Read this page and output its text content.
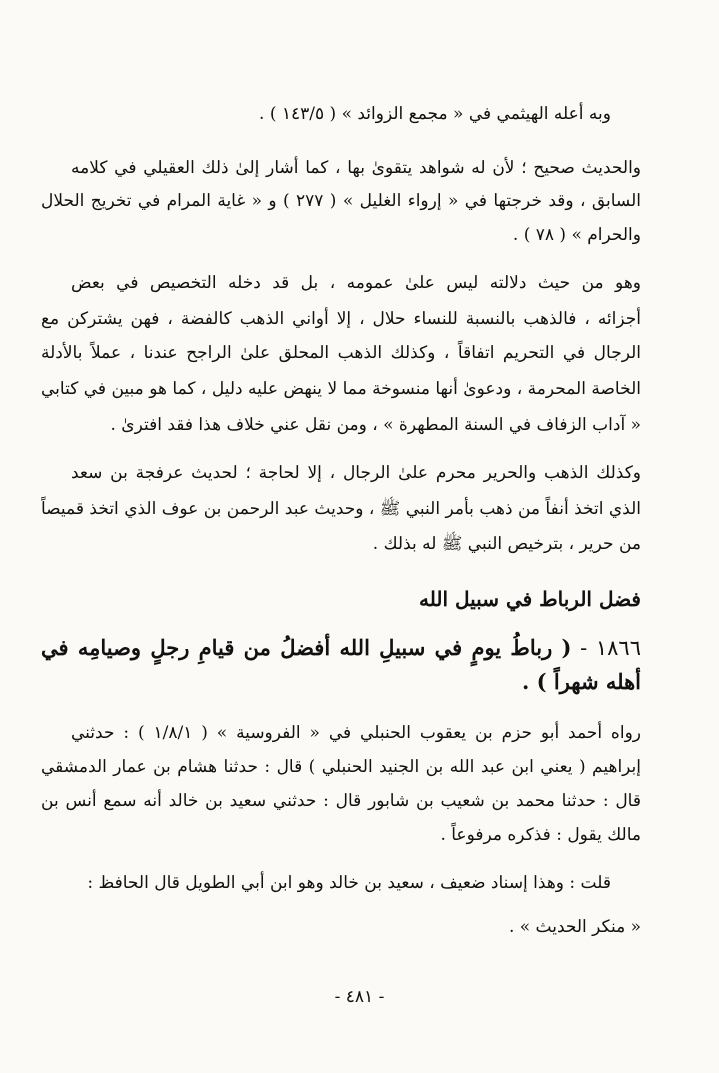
وبه أعله الهيثمي في « مجمع الزوائد » ( ١٤٣/٥ ) .
والحديث صحيح ؛ لأن له شواهد يتقوىٰ بها ، كما أشار إلىٰ ذلك العقيلي في كلامه
السابق ، وقد خرجتها في « إرواء الغليل » ( ٢٧٧ ) و « غاية المرام في تخريج الحلال
والحرام » ( ٧٨ ) .
وهو من حيث دلالته ليس علىٰ عمومه ، بل قد دخله التخصيص في بعض
أجزائه ، فالذهب بالنسبة للنساء حلال ، إلا أواني الذهب كالفضة ، فهن يشتركن مع
الرجال في التحريم اتفاقاً ، وكذلك الذهب المحلق علىٰ الراجح عندنا ، عملاً بالأدلة
الخاصة المحرمة ، ودعوىٰ أنها منسوخة مما لا ينهض عليه دليل ، كما هو مبين في كتابي
« آداب الزفاف في السنة المطهرة » ، ومن نقل عني خلاف هذا فقد افترىٰ .
وكذلك الذهب والحرير محرم علىٰ الرجال ، إلا لحاجة ؛ لحديث عرفجة بن سعد
الذي اتخذ أنفاً من ذهب بأمر النبي ﷺ ، وحديث عبد الرحمن بن عوف الذي اتخذ قميصاً
من حرير ، بترخيص النبي ﷺ له بذلك .
فضل الرباط في سبيل الله
١٨٦٦ - ( رباطُ يومٍ في سبيلِ الله أفضلُ من قيامِ رجلٍ وصيامِه في
أهله شهراً ) .
رواه أحمد أبو حزم بن يعقوب الحنبلي في « الفروسية » ( ١/٨/١ ) : حدثني
إبراهيم ( يعني ابن عبد الله بن الجنيد الحنبلي ) قال : حدثنا هشام بن عمار الدمشقي
قال : حدثنا محمد بن شعيب بن شابور قال : حدثني سعيد بن خالد أنه سمع أنس بن
مالك يقول : فذكره مرفوعاً .
قلت : وهذا إسناد ضعيف ، سعيد بن خالد وهو ابن أبي الطويل قال الحافظ :
« منكر الحديث » .
- ٤٨١ -
